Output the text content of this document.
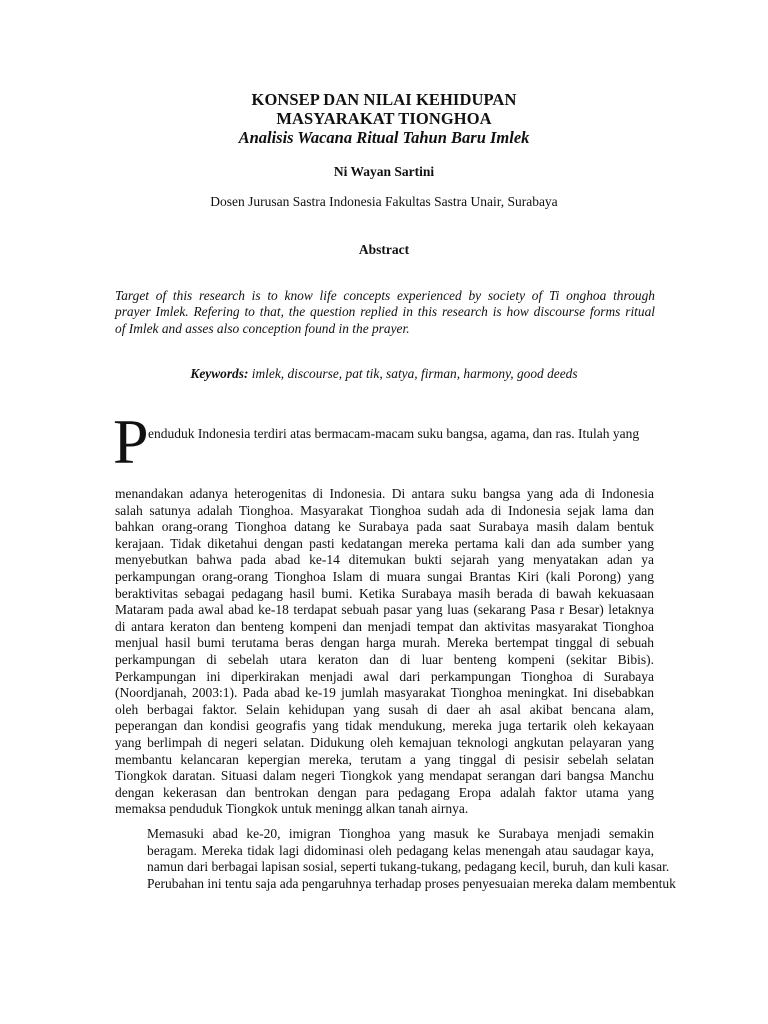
KONSEP DAN NILAI KEHIDUPAN
MASYARAKAT TIONGHOA
Analisis Wacana Ritual Tahun Baru Imlek
Ni Wayan Sartini
Dosen Jurusan Sastra Indonesia Fakultas Sastra Unair, Surabaya
Abstract
Target of this research is to know life concepts experienced by society of Ti onghoa through
prayer Imlek. Refering to that, the question replied in this research is how discourse forms ritual
of Imlek and asses also conception found in the prayer.
Keywords: imlek, discourse, pat tik, satya, firman, harmony, good deeds
P enduduk Indonesia terdiri atas bermacam-macam suku bangsa, agama, dan ras. Itulah yang
menandakan adanya heterogenitas di Indonesia. Di antara suku bangsa yang ada di Indonesia
salah satunya adalah Tionghoa. Masyarakat Tionghoa sudah ada di Indonesia sejak lama dan
bahkan orang-orang Tionghoa datang ke Surabaya pada saat Surabaya masih dalam bentuk
kerajaan. Tidak diketahui dengan pasti kedatangan mereka pertama kali dan ada sumber yang
menyebutkan bahwa pada abad ke-14 ditemukan bukti sejarah yang menyatakan adan ya
perkampungan orang-orang Tionghoa Islam di muara sungai Brantas Kiri (kali Porong) yang
beraktivitas sebagai pedagang hasil bumi. Ketika Surabaya masih berada di bawah kekuasaan
Mataram pada awal abad ke-18 terdapat sebuah pasar yang luas (sekarang Pasa r Besar) letaknya
di antara keraton dan benteng kompeni dan menjadi tempat dan aktivitas masyarakat Tionghoa
menjual hasil bumi terutama beras dengan harga murah. Mereka bertempat tinggal di sebuah
perkampungan di sebelah utara keraton dan di luar benteng kompeni (sekitar Bibis).
Perkampungan ini diperkirakan menjadi awal dari perkampungan Tionghoa di Surabaya
(Noordjanah, 2003:1). Pada abad ke-19 jumlah masyarakat Tionghoa meningkat. Ini disebabkan
oleh berbagai faktor. Selain kehidupan yang susah di daer ah asal akibat bencana alam,
peperangan dan kondisi geografis yang tidak mendukung, mereka juga tertarik oleh kekayaan
yang berlimpah di negeri selatan. Didukung oleh kemajuan teknologi angkutan pelayaran yang
membantu kelancaran kepergian mereka, terutam a yang tinggal di pesisir sebelah selatan
Tiongkok daratan. Situasi dalam negeri Tiongkok yang mendapat serangan dari bangsa Manchu
dengan kekerasan dan bentrokan dengan para pedagang Eropa adalah faktor utama yang
memaksa penduduk Tiongkok untuk meningg alkan tanah airnya.
Memasuki abad ke-20, imigran Tionghoa yang masuk ke Surabaya menjadi semakin
beragam. Mereka tidak lagi didominasi oleh pedagang kelas menengah atau saudagar kaya,
namun dari berbagai lapisan sosial, seperti tukang-tukang, pedagang kecil, buruh, dan kuli kasar.
Perubahan ini tentu saja ada pengaruhnya terhadap proses penyesuaian mereka dalam membentuk
